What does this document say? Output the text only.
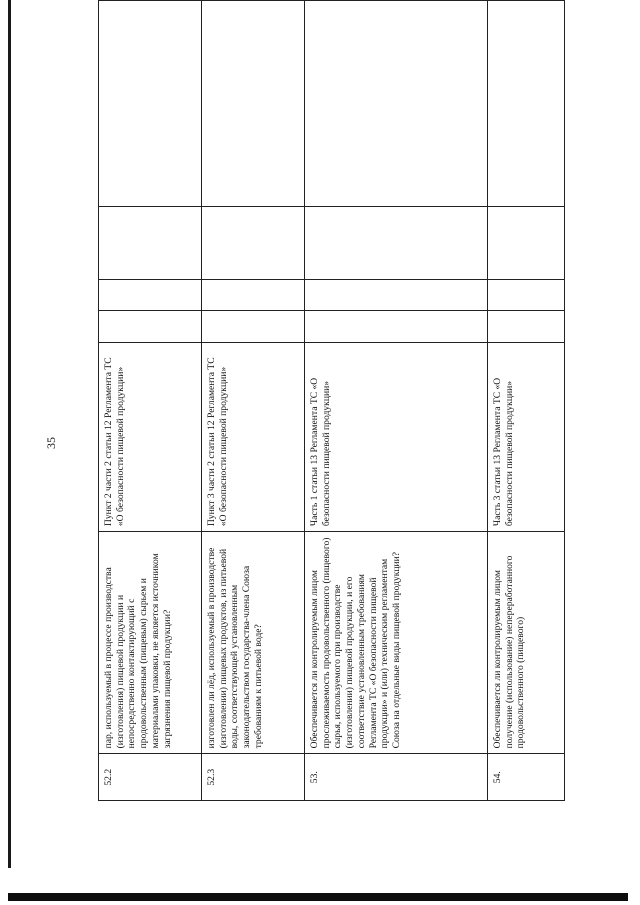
35
52.2	пар, используемый в процессе производства (изготовления) пищевой продукции и непосредственно контактирующий с продовольственным (пищевым) сырьем и материалами упаковки, не является источником загрязнения пищевой продукции?	Пункт 2 части 2 статьи 12 Регламента ТС «О безопасности пищевой продукции»				
52.3	изготовлен ли лёд, используемый в производстве (изготовлении) пищевых продуктов, из питьевой воды, соответствующей установленным законодательством государства-члена Союза требованиям к питьевой воде?	Пункт 3 части 2 статьи 12 Регламента ТС «О безопасности пищевой продукции»				
53.	Обеспечивается ли контролируемым лицом прослеживаемость продовольственного (пищевого) сырья, используемого при производстве (изготовлении) пищевой продукции, и его соответствие установленным требованиям Регламента ТС «О безопасности пищевой продукции» и (или) техническим регламентам Союза на отдельные виды пищевой продукции?	Часть 1 статьи 13 Регламента ТС «О безопасности пищевой продукции»				
54.	Обеспечивается ли контролируемым лицом получение (использование) непереработанного продовольственного (пищевого)	Часть 3 статьи 13 Регламента ТС «О безопасности пищевой продукции»				
